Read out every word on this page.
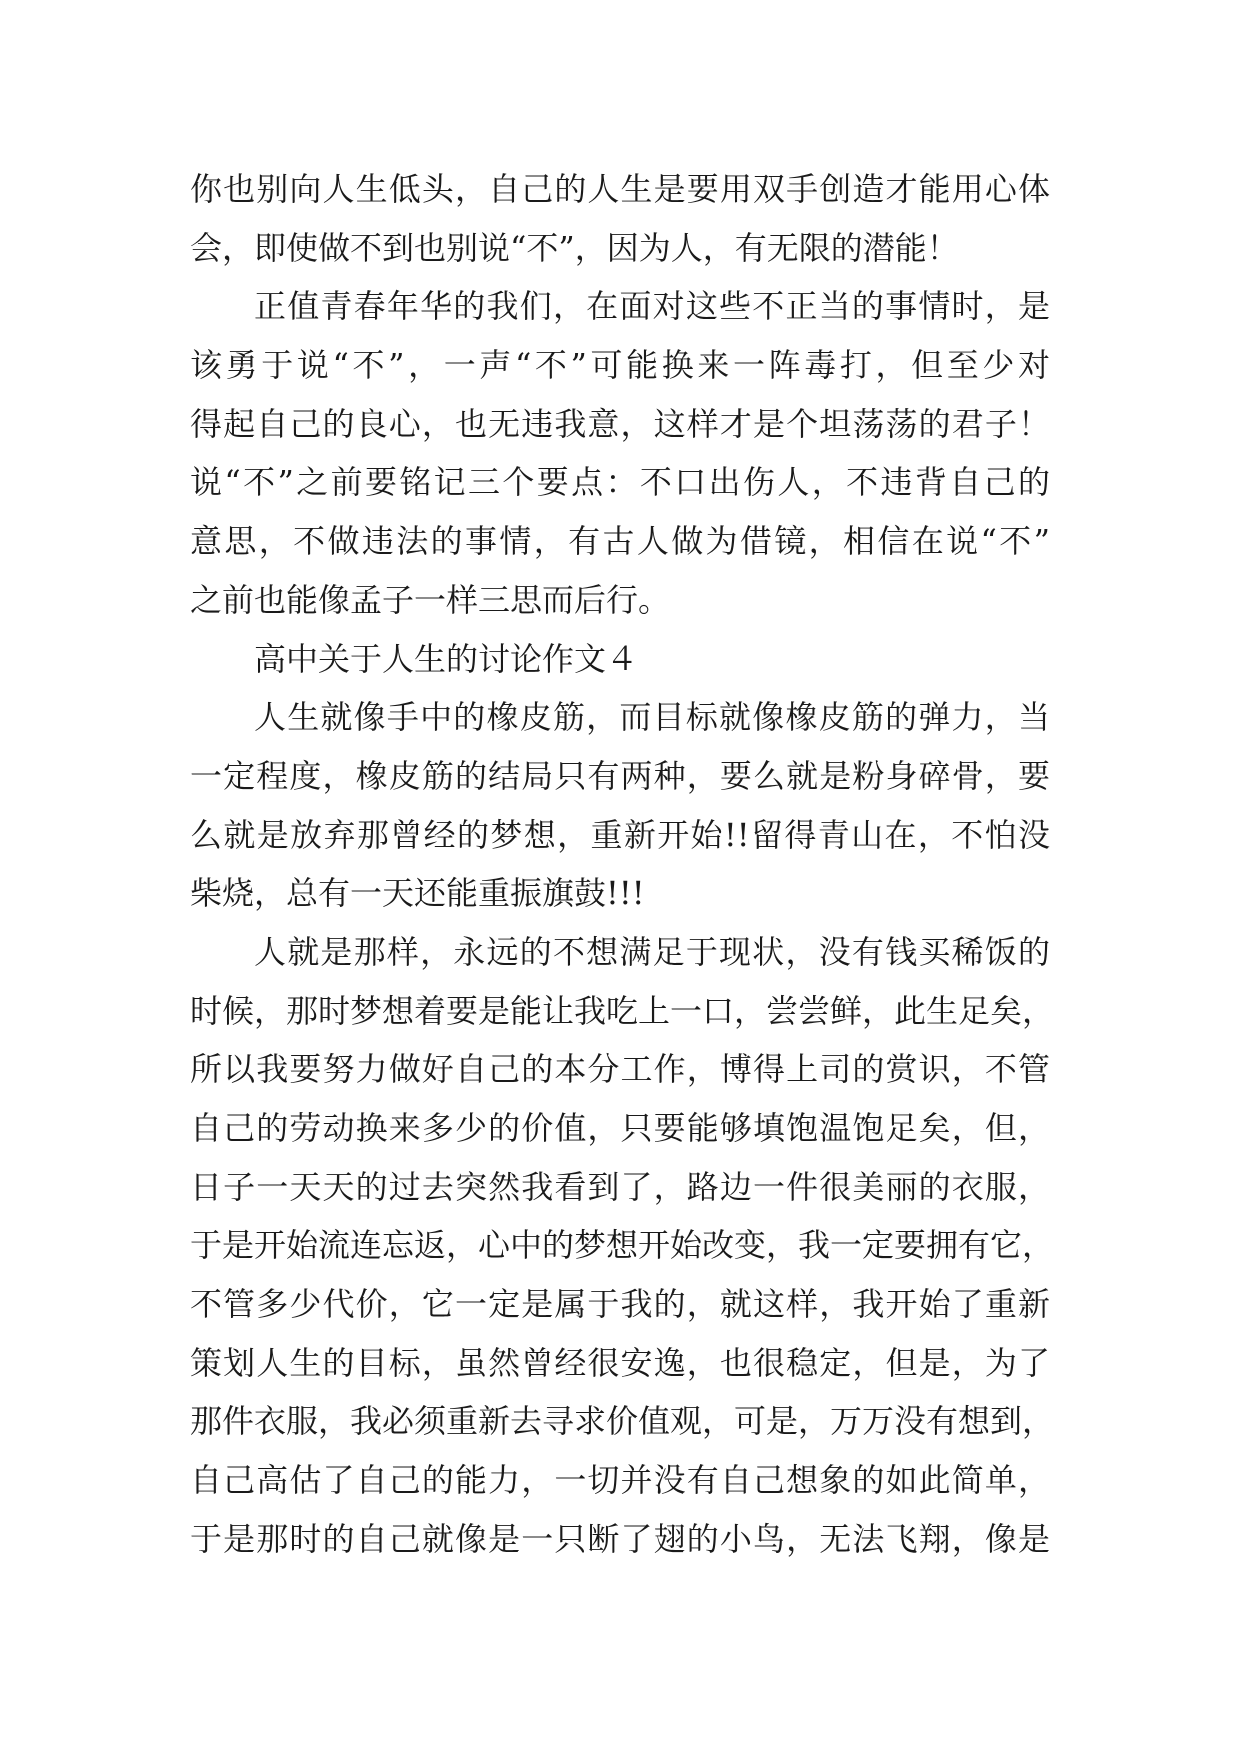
你也别向人生低头，自己的人生是要用双手创造才能用心体
会，即使做不到也别说“不”，因为人，有无限的潜能！
正值青春年华的我们，在面对这些不正当的事情时，是
该勇于说“不”，一声“不”可能换来一阵毒打，但至少对
得起自己的良心，也无违我意，这样才是个坦荡荡的君子！
说“不”之前要铭记三个要点：不口出伤人，不违背自己的
意思，不做违法的事情，有古人做为借镜，相信在说“不”
之前也能像孟子一样三思而后行。
高中关于人生的讨论作文４
人生就像手中的橡皮筋，而目标就像橡皮筋的弹力，当
一定程度，橡皮筋的结局只有两种，要么就是粉身碎骨，要
么就是放弃那曾经的梦想，重新开始!!留得青山在，不怕没
柴烧，总有一天还能重振旗鼓!!!
人就是那样，永远的不想满足于现状，没有钱买稀饭的
时候，那时梦想着要是能让我吃上一口，尝尝鲜，此生足矣，
所以我要努力做好自己的本分工作，博得上司的赏识，不管
自己的劳动换来多少的价值，只要能够填饱温饱足矣，但，
日子一天天的过去突然我看到了，路边一件很美丽的衣服，
于是开始流连忘返，心中的梦想开始改变，我一定要拥有它，
不管多少代价，它一定是属于我的，就这样，我开始了重新
策划人生的目标，虽然曾经很安逸，也很稳定，但是，为了
那件衣服，我必须重新去寻求价值观，可是，万万没有想到，
自己高估了自己的能力，一切并没有自己想象的如此简单，
于是那时的自己就像是一只断了翅的小鸟，无法飞翔，像是
